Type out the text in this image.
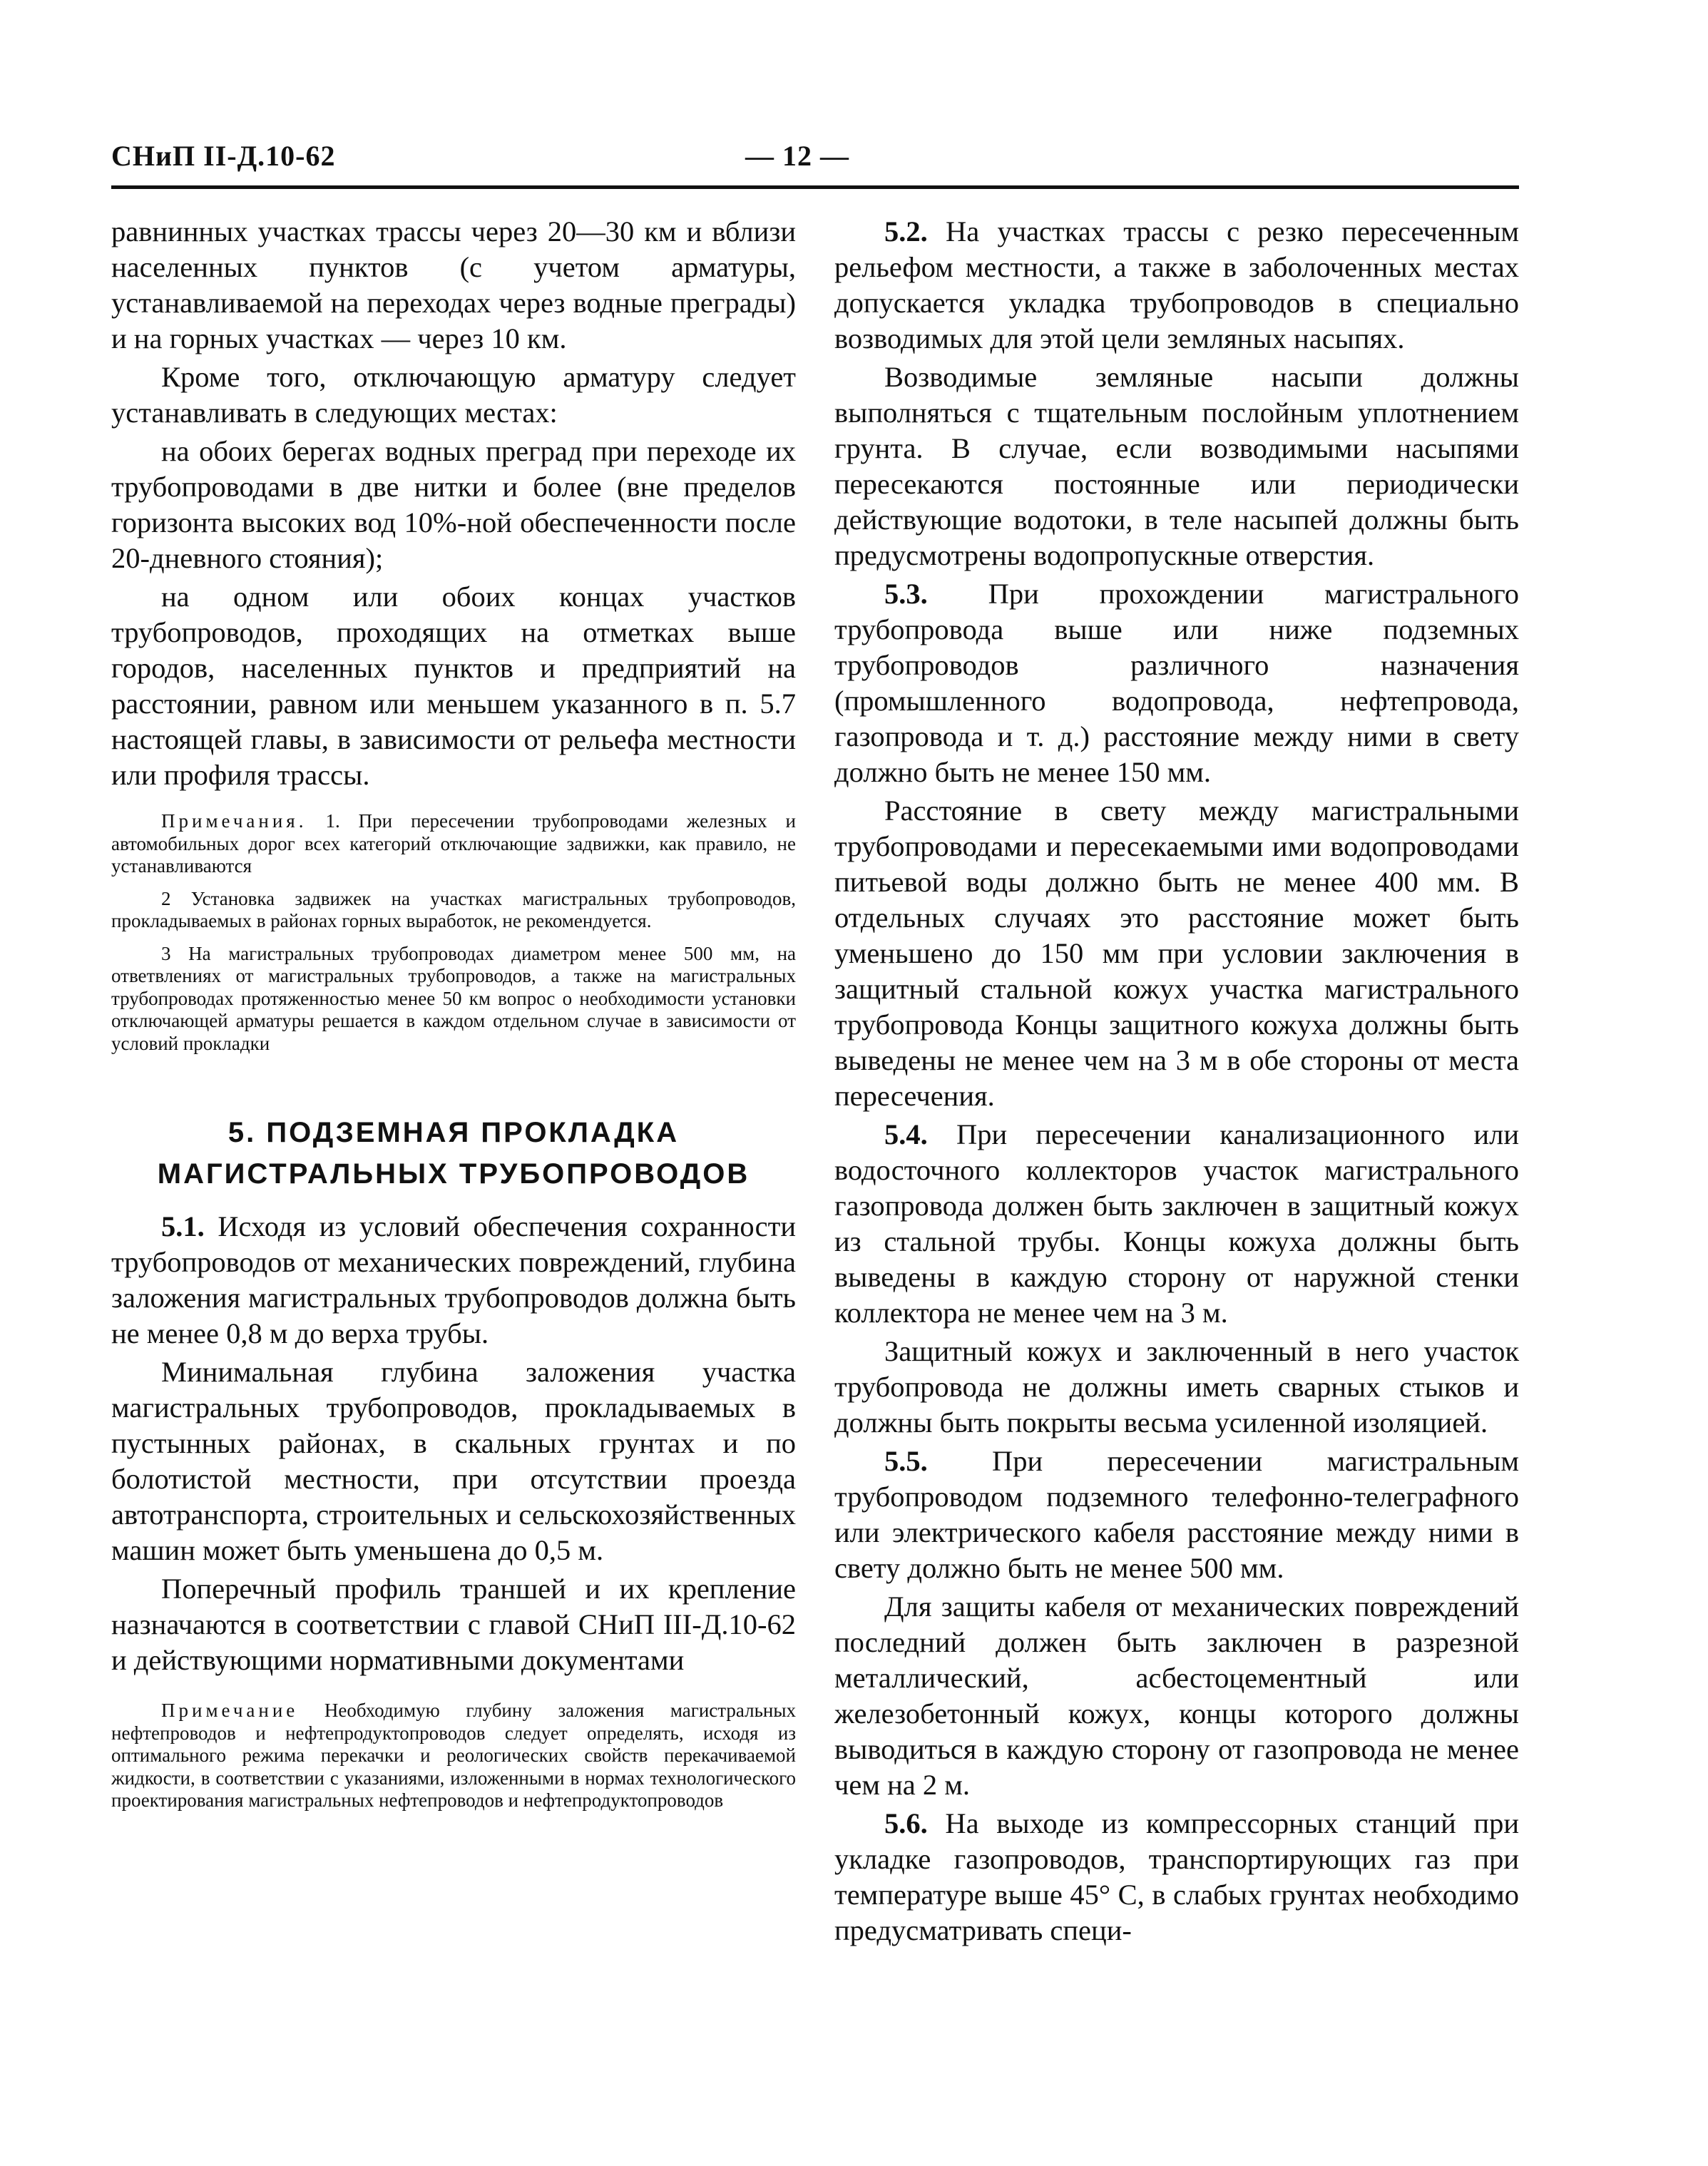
СНиП II-Д.10-62	— 12 —

равнинных участках трассы через 20—30 км и вблизи населенных пунктов (с учетом арматуры, устанавливаемой на переходах через водные преграды) и на горных участках — через 10 км.

Кроме того, отключающую арматуру следует устанавливать в следующих местах:

на обоих берегах водных преград при переходе их трубопроводами в две нитки и более (вне пределов горизонта высоких вод 10%-ной обеспеченности после 20-дневного стояния);

на одном или обоих концах участков трубопроводов, проходящих на отметках выше городов, населенных пунктов и предприятий на расстоянии, равном или меньшем указанного в п. 5.7 настоящей главы, в зависимости от рельефа местности или профиля трассы.

Примечания. 1. При пересечении трубопроводами железных и автомобильных дорог всех категорий отключающие задвижки, как правило, не устанавливаются

2 Установка задвижек на участках магистральных трубопроводов, прокладываемых в районах горных выработок, не рекомендуется.

3 На магистральных трубопроводах диаметром менее 500 мм, на ответвлениях от магистральных трубопроводов, а также на магистральных трубопроводах протяженностью менее 50 км вопрос о необходимости установки отключающей арматуры решается в каждом отдельном случае в зависимости от условий прокладки

5. ПОДЗЕМНАЯ ПРОКЛАДКА
МАГИСТРАЛЬНЫХ ТРУБОПРОВОДОВ

5.1. Исходя из условий обеспечения сохранности трубопроводов от механических повреждений, глубина заложения магистральных трубопроводов должна быть не менее 0,8 м до верха трубы.

Минимальная глубина заложения участка магистральных трубопроводов, прокладываемых в пустынных районах, в скальных грунтах и по болотистой местности, при отсутствии проезда автотранспорта, строительных и сельскохозяйственных машин может быть уменьшена до 0,5 м.

Поперечный профиль траншей и их крепление назначаются в соответствии с главой СНиП III-Д.10-62 и действующими нормативными документами

Примечание Необходимую глубину заложения магистральных нефтепроводов и нефтепродуктопроводов следует определять, исходя из оптимального режима перекачки и реологических свойств перекачиваемой жидкости, в соответствии с указаниями, изложенными в нормах технологического проектирования магистральных нефтепроводов и нефтепродуктопроводов

5.2. На участках трассы с резко пересеченным рельефом местности, а также в заболоченных местах допускается укладка трубопроводов в специально возводимых для этой цели земляных насыпях.

Возводимые земляные насыпи должны выполняться с тщательным послойным уплотнением грунта. В случае, если возводимыми насыпями пересекаются постоянные или периодически действующие водотоки, в теле насыпей должны быть предусмотрены водопропускные отверстия.

5.3. При прохождении магистрального трубопровода выше или ниже подземных трубопроводов различного назначения (промышленного водопровода, нефтепровода, газопровода и т. д.) расстояние между ними в свету должно быть не менее 150 мм.

Расстояние в свету между магистральными трубопроводами и пересекаемыми ими водопроводами питьевой воды должно быть не менее 400 мм. В отдельных случаях это расстояние может быть уменьшено до 150 мм при условии заключения в защитный стальной кожух участка магистрального трубопровода Концы защитного кожуха должны быть выведены не менее чем на 3 м в обе стороны от места пересечения.

5.4. При пересечении канализационного или водосточного коллекторов участок магистрального газопровода должен быть заключен в защитный кожух из стальной трубы. Концы кожуха должны быть выведены в каждую сторону от наружной стенки коллектора не менее чем на 3 м.

Защитный кожух и заключенный в него участок трубопровода не должны иметь сварных стыков и должны быть покрыты весьма усиленной изоляцией.

5.5. При пересечении магистральным трубопроводом подземного телефонно-телеграфного или электрического кабеля расстояние между ними в свету должно быть не менее 500 мм.

Для защиты кабеля от механических повреждений последний должен быть заключен в разрезной металлический, асбестоцементный или железобетонный кожух, концы которого должны выводиться в каждую сторону от газопровода не менее чем на 2 м.

5.6. На выходе из компрессорных станций при укладке газопроводов, транспортирующих газ при температуре выше 45° С, в слабых грунтах необходимо предусматривать специ-
